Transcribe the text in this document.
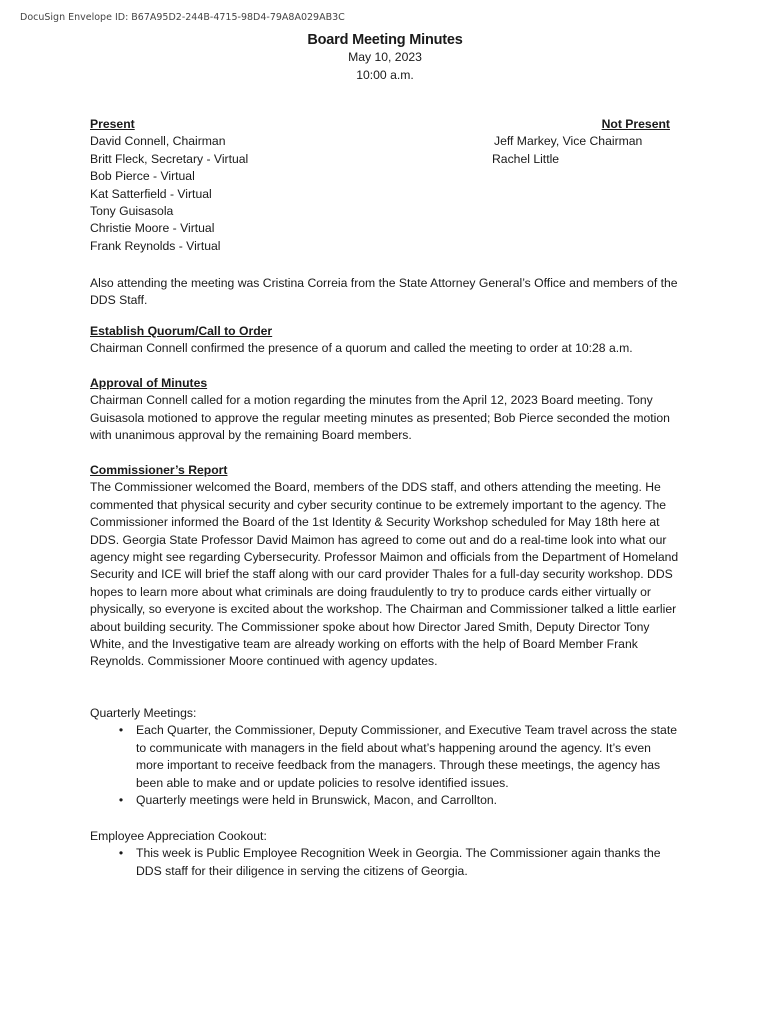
DocuSign Envelope ID: B67A95D2-244B-4715-98D4-79A8A029AB3C
Board Meeting Minutes
May 10, 2023
10:00 a.m.
Present
David Connell, Chairman
Britt Fleck, Secretary - Virtual
Bob Pierce - Virtual
Kat Satterfield - Virtual
Tony Guisasola
Christie Moore - Virtual
Frank Reynolds - Virtual
Not Present
Jeff Markey, Vice Chairman
Rachel Little

Also attending the meeting was Cristina Correia from the State Attorney General’s Office and members of the DDS Staff.

Establish Quorum/Call to Order

Chairman Connell confirmed the presence of a quorum and called the meeting to order at 10:28 a.m.

Approval of Minutes

Chairman Connell called for a motion regarding the minutes from the April 12, 2023 Board meeting. Tony Guisasola motioned to approve the regular meeting minutes as presented; Bob Pierce seconded the motion with unanimous approval by the remaining Board members.

Commissioner’s Report

The Commissioner welcomed the Board, members of the DDS staff, and others attending the meeting. He commented that physical security and cyber security continue to be extremely important to the agency. The Commissioner informed the Board of the 1st Identity & Security Workshop scheduled for May 18th here at DDS. Georgia State Professor David Maimon has agreed to come out and do a real-time look into what our agency might see regarding Cybersecurity. Professor Maimon and officials from the Department of Homeland Security and ICE will brief the staff along with our card provider Thales for a full-day security workshop. DDS hopes to learn more about what criminals are doing fraudulently to try to produce cards either virtually or physically, so everyone is excited about the workshop. The Chairman and Commissioner talked a little earlier about building security. The Commissioner spoke about how Director Jared Smith, Deputy Director Tony White, and the Investigative team are already working on efforts with the help of Board Member Frank Reynolds. Commissioner Moore continued with agency updates.

Quarterly Meetings:
• Each Quarter, the Commissioner, Deputy Commissioner, and Executive Team travel across the state to communicate with managers in the field about what’s happening around the agency. It’s even more important to receive feedback from the managers. Through these meetings, the agency has been able to make and or update policies to resolve identified issues.
• Quarterly meetings were held in Brunswick, Macon, and Carrollton.
Employee Appreciation Cookout:
• This week is Public Employee Recognition Week in Georgia. The Commissioner again thanks the DDS staff for their diligence in serving the citizens of Georgia.
